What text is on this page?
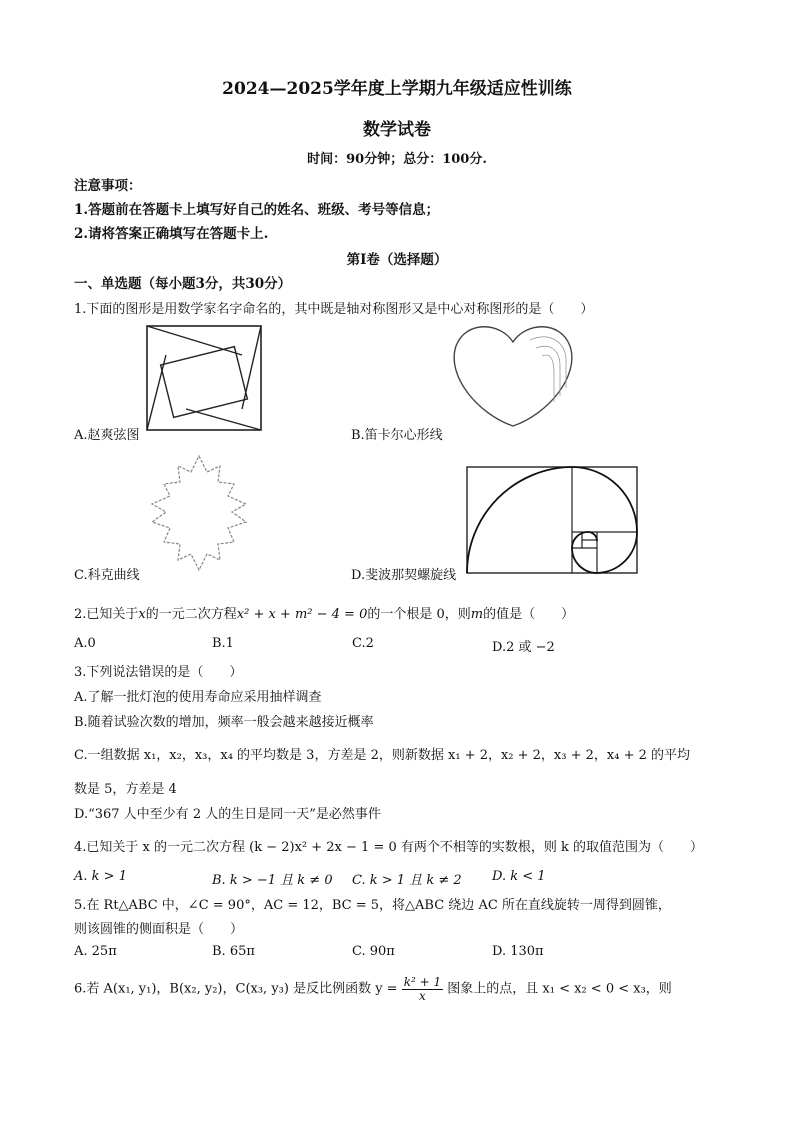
2024—2025学年度上学期九年级适应性训练
数学试卷
时间：90分钟；总分：100分.
注意事项：
1.答题前在答题卡上填写好自己的姓名、班级、考号等信息；
2.请将答案正确填写在答题卡上.
第Ⅰ卷（选择题）
一、单选题（每小题3分，共30分）
1.下面的图形是用数学家名字命名的，其中既是轴对称图形又是中心对称图形的是（　　）
A.赵爽弦图	B.笛卡尔心形线
C.科克曲线	D.斐波那契螺旋线
2.已知关于x的一元二次方程x² + x + m² − 4 = 0的一个根是 0，则m的值是（　　）
A.0	B.1	C.2	D.2 或 −2
3.下列说法错误的是（　　）
A.了解一批灯泡的使用寿命应采用抽样调查
B.随着试验次数的增加，频率一般会越来越接近概率
C.一组数据 x₁，x₂，x₃，x₄ 的平均数是 3，方差是 2，则新数据 x₁ + 2，x₂ + 2，x₃ + 2，x₄ + 2 的平均
数是 5，方差是 4
D.“367 人中至少有 2 人的生日是同一天”是必然事件
4.已知关于 x 的一元二次方程 (k − 2)x² + 2x − 1 = 0 有两个不相等的实数根，则 k 的取值范围为（　　）
A. k > 1	B. k > −1 且 k ≠ 0 C. k > 1 且 k ≠ 2 D. k < 1
5.在 Rt△ABC 中，∠C = 90°，AC = 12，BC = 5，将△ABC 绕边 AC 所在直线旋转一周得到圆锥，
则该圆锥的侧面积是（　　）
A. 25π	B. 65π	C. 90π	D. 130π
6.若 A(x₁, y₁)，B(x₂, y₂)，C(x₃, y₃) 是反比例函数 $y = \frac{\text{k² + 1}}{x}$ 图象上的点，且 x₁ < x₂ < 0 < x₃，则
